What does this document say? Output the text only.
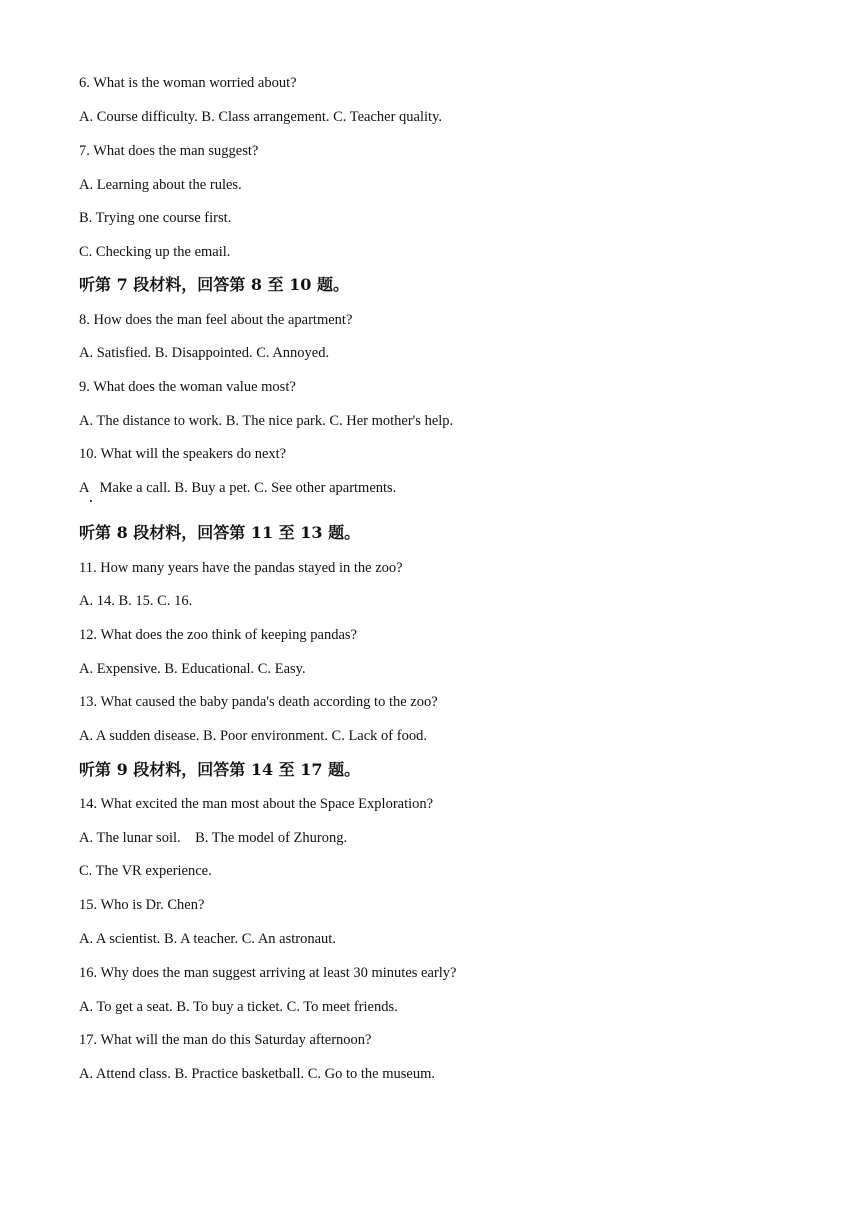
6. What is the woman worried about?
A. Course difficulty. B. Class arrangement. C. Teacher quality.
7. What does the man suggest?
A. Learning about the rules.
B. Trying one course first.
C. Checking up the email.
听第 7 段材料，回答第 8 至 10 题。
8. How does the man feel about the apartment?
A. Satisfied. B. Disappointed. C. Annoyed.
9. What does the woman value most?
A. The distance to work. B. The nice park. C. Her mother's help.
10. What will the speakers do next?
A   Make a call. B. Buy a pet. C. See other apartments.
听第 8 段材料，回答第 11 至 13 题。
11. How many years have the pandas stayed in the zoo?
A. 14. B. 15. C. 16.
12. What does the zoo think of keeping pandas?
A. Expensive. B. Educational. C. Easy.
13. What caused the baby panda's death according to the zoo?
A. A sudden disease. B. Poor environment. C. Lack of food.
听第 9 段材料，回答第 14 至 17 题。
14. What excited the man most about the Space Exploration?
A. The lunar soil.    B. The model of Zhurong.
C. The VR experience.
15. Who is Dr. Chen?
A. A scientist. B. A teacher. C. An astronaut.
16. Why does the man suggest arriving at least 30 minutes early?
A. To get a seat. B. To buy a ticket. C. To meet friends.
17. What will the man do this Saturday afternoon?
A. Attend class. B. Practice basketball. C. Go to the museum.
